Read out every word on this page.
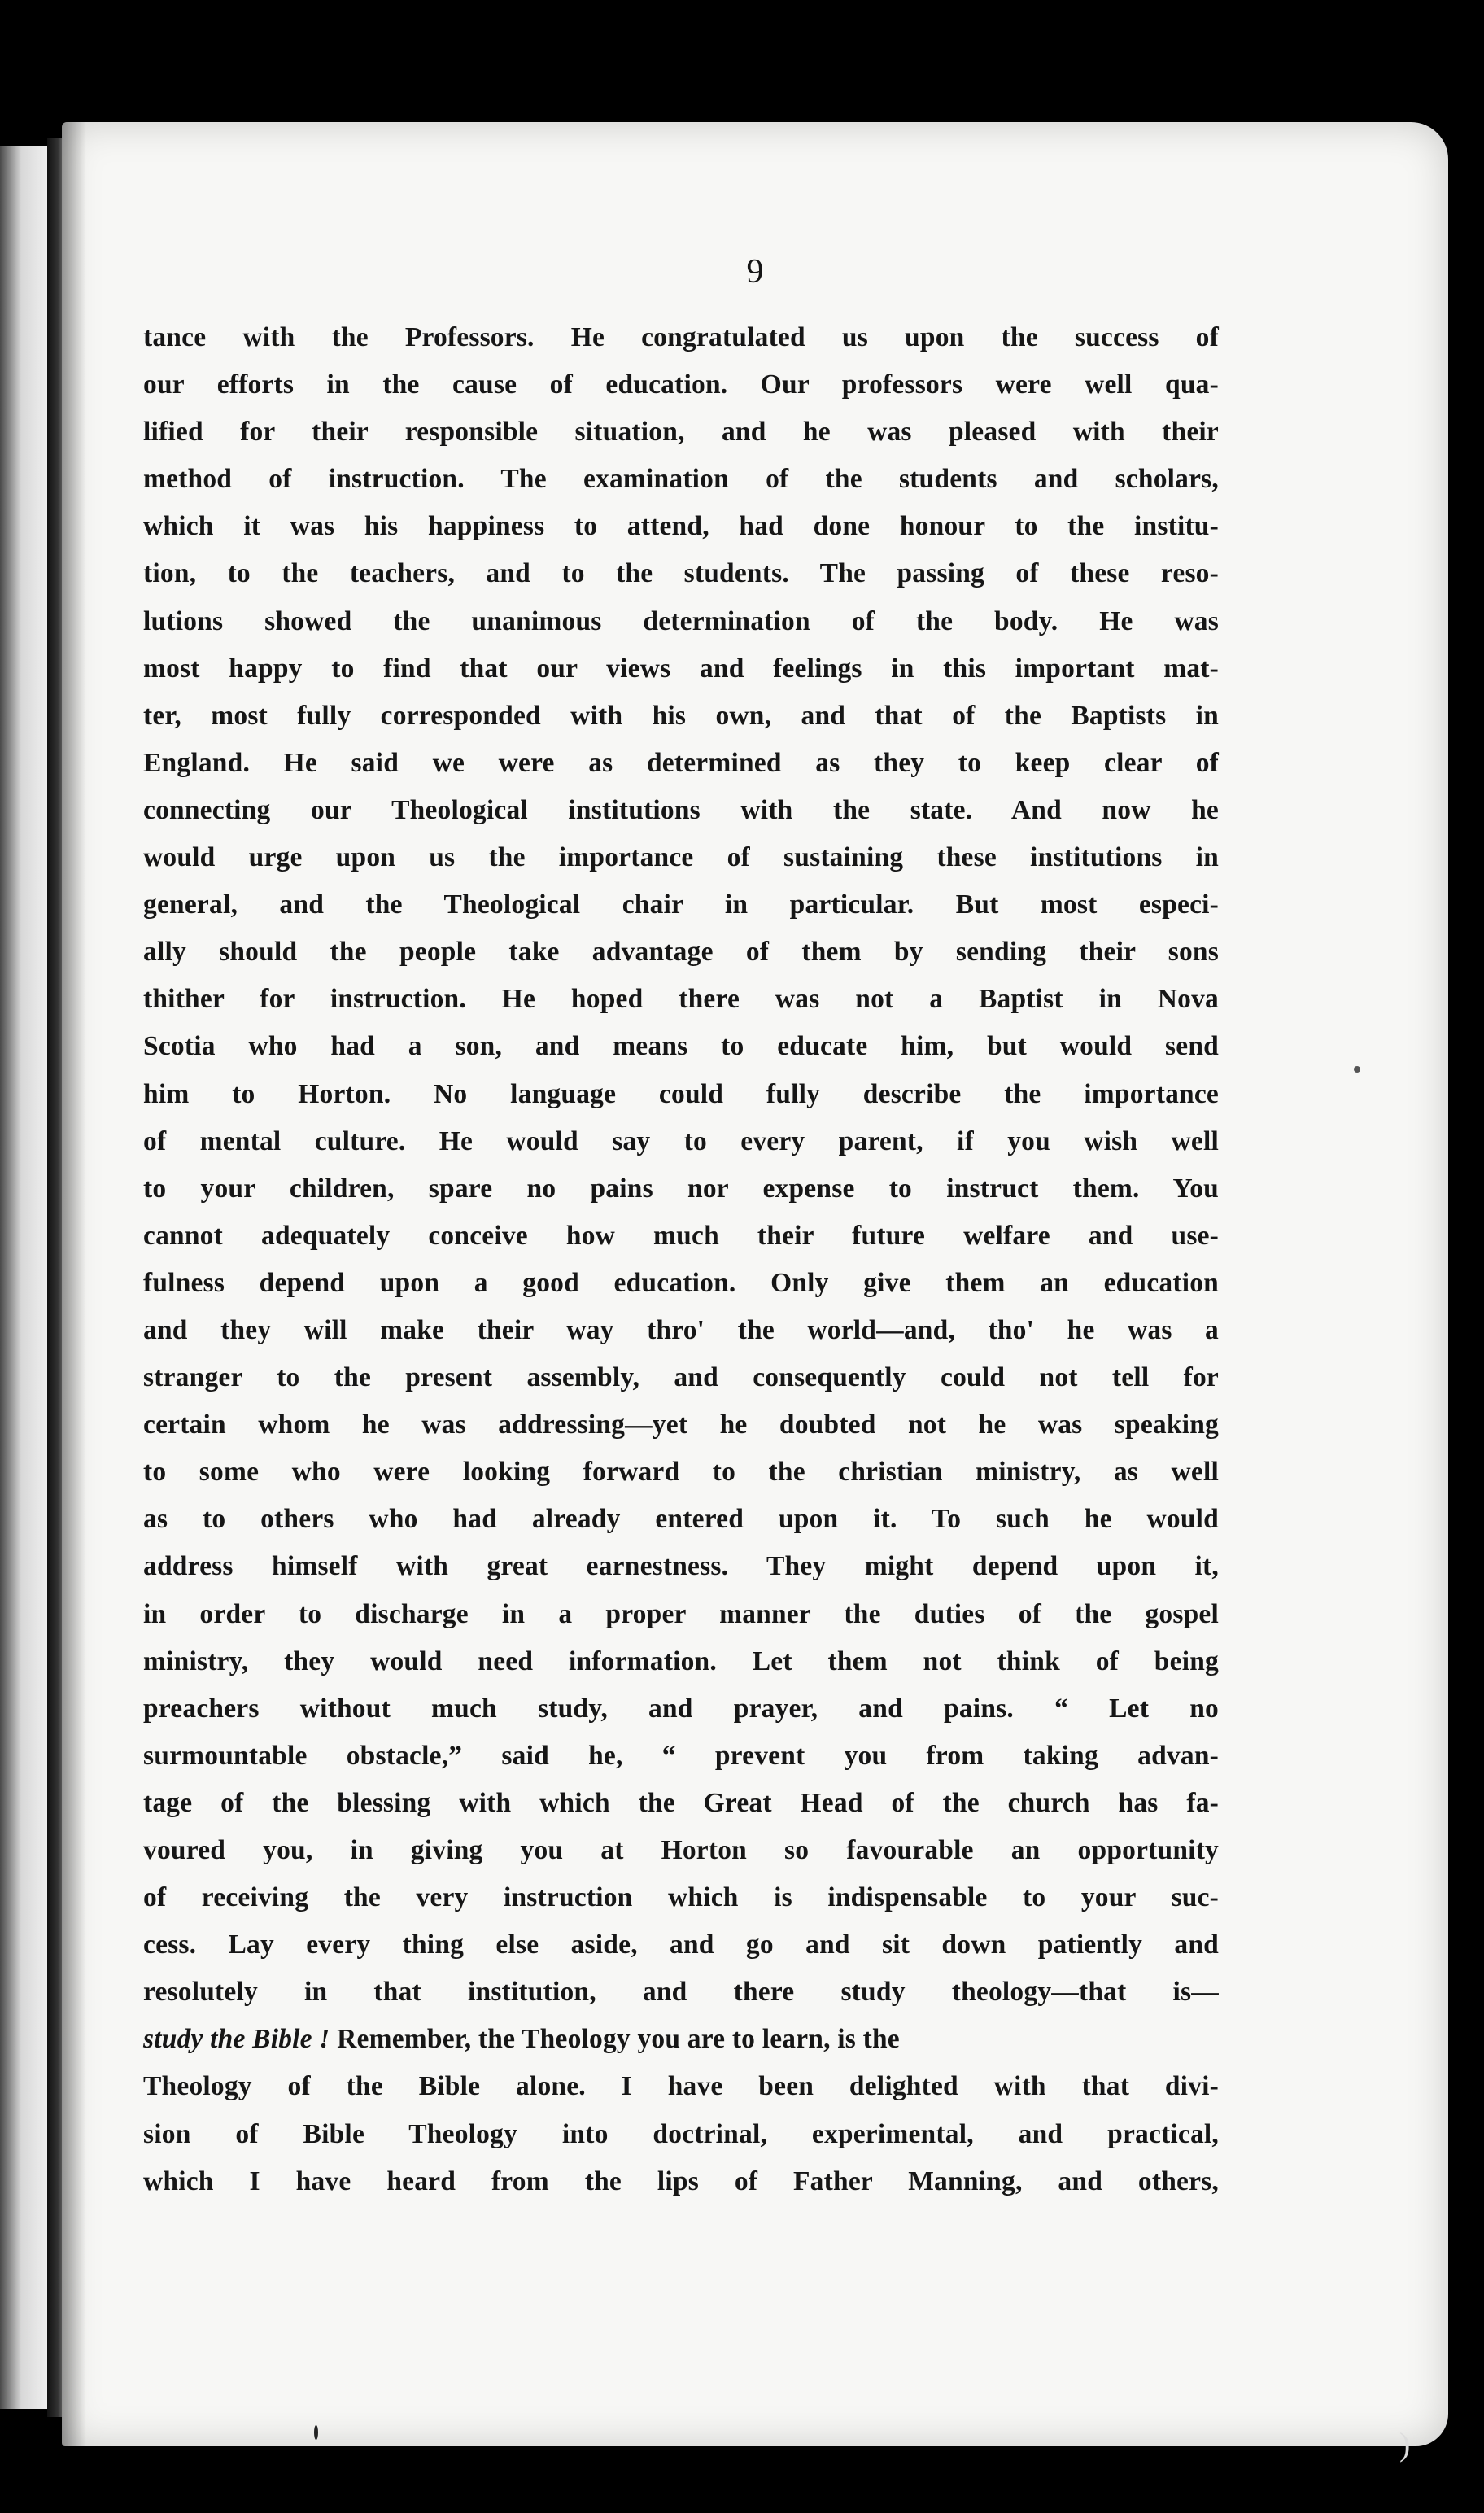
9
tance with the Professors. He congratulated us upon the success of
our efforts in the cause of education. Our professors were well qua-
lified for their responsible situation, and he was pleased with their
method of instruction. The examination of the students and scholars,
which it was his happiness to attend, had done honour to the institu-
tion, to the teachers, and to the students. The passing of these reso-
lutions showed the unanimous determination of the body. He was
most happy to find that our views and feelings in this important mat-
ter, most fully corresponded with his own, and that of the Baptists in
England. He said we were as determined as they to keep clear of
connecting our Theological institutions with the state. And now he
would urge upon us the importance of sustaining these institutions in
general, and the Theological chair in particular. But most especi-
ally should the people take advantage of them by sending their sons
thither for instruction. He hoped there was not a Baptist in Nova
Scotia who had a son, and means to educate him, but would send
him to Horton. No language could fully describe the importance
of mental culture. He would say to every parent, if you wish well
to your children, spare no pains nor expense to instruct them. You
cannot adequately conceive how much their future welfare and use-
fulness depend upon a good education. Only give them an education
and they will make their way thro' the world—and, tho' he was a
stranger to the present assembly, and consequently could not tell for
certain whom he was addressing—yet he doubted not he was speaking
to some who were looking forward to the christian ministry, as well
as to others who had already entered upon it. To such he would
address himself with great earnestness. They might depend upon it,
in order to discharge in a proper manner the duties of the gospel
ministry, they would need information. Let them not think of being
preachers without much study, and prayer, and pains. “ Let no
surmountable obstacle,” said he, “ prevent you from taking advan-
tage of the blessing with which the Great Head of the church has fa-
voured you, in giving you at Horton so favourable an opportunity
of receiving the very instruction which is indispensable to your suc-
cess. Lay every thing else aside, and go and sit down patiently and
resolutely in that institution, and there study theology—that is—
study the Bible ! Remember, the Theology you are to learn, is the
Theology of the Bible alone. I have been delighted with that divi-
sion of Bible Theology into doctrinal, experimental, and practical,
which I have heard from the lips of Father Manning, and others,
)
